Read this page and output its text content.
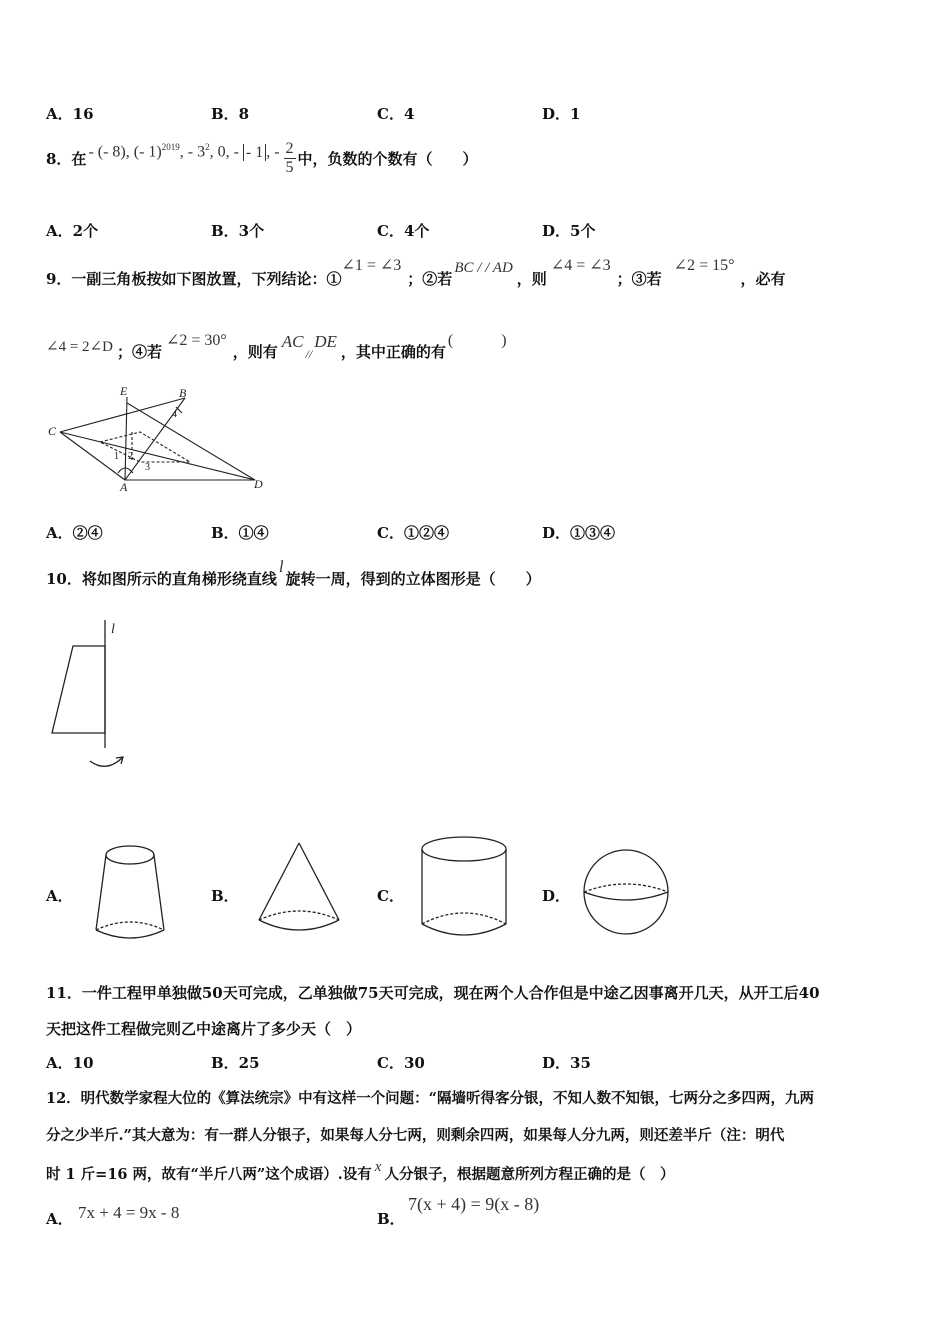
A．16	B．8	C．4	D．1
8．在 - (- 8), (- 1)$^{2019}$, - $3^2$, 0, - - 1 , - $\frac{2}{5}$ 中，负数的个数有（　　）
A．2个	B．3个	C．4个	D．5个
9．一副三角板按如下图放置，下列结论：①
∠1 = ∠3
；②若
BC / / AD
，则
∠4 = ∠3
；③若
∠2 = 15°
，必有
∠4 = 2∠D ；④若
∠2 = 30°
，则有
AC
//
DE
，其中正确的有
(　　　)
E	B
C
4
1 2
3
A	D
A．②④	B．①④	C．①②④	D．①③④
10．将如图所示的直角梯形绕直线
l
旋转一周，得到的立体图形是（　　）
l
A．	B．	C．	D．
11．一件工程甲单独做50天可完成，乙单独做75天可完成，现在两个人合作但是中途乙因事离开几天，从开工后40
天把这件工程做完则乙中途离片了多少天（　）
A．10	B．25	C．30	D．35
12．明代数学家程大位的《算法统宗》中有这样一个问题：“隔墙听得客分银，不知人数不知银，七两分之多四两，九两
分之少半斤.”其大意为：有一群人分银子，如果每人分七两，则剩余四两，如果每人分九两，则还差半斤（注：明代
时 1 斤=16 两，故有“半斤八两”这个成语）.设有 x 人分银子，根据题意所列方程正确的是（　）
A． 7x + 4 = 9x - 8	B．
7(x + 4) = 9(x - 8)
